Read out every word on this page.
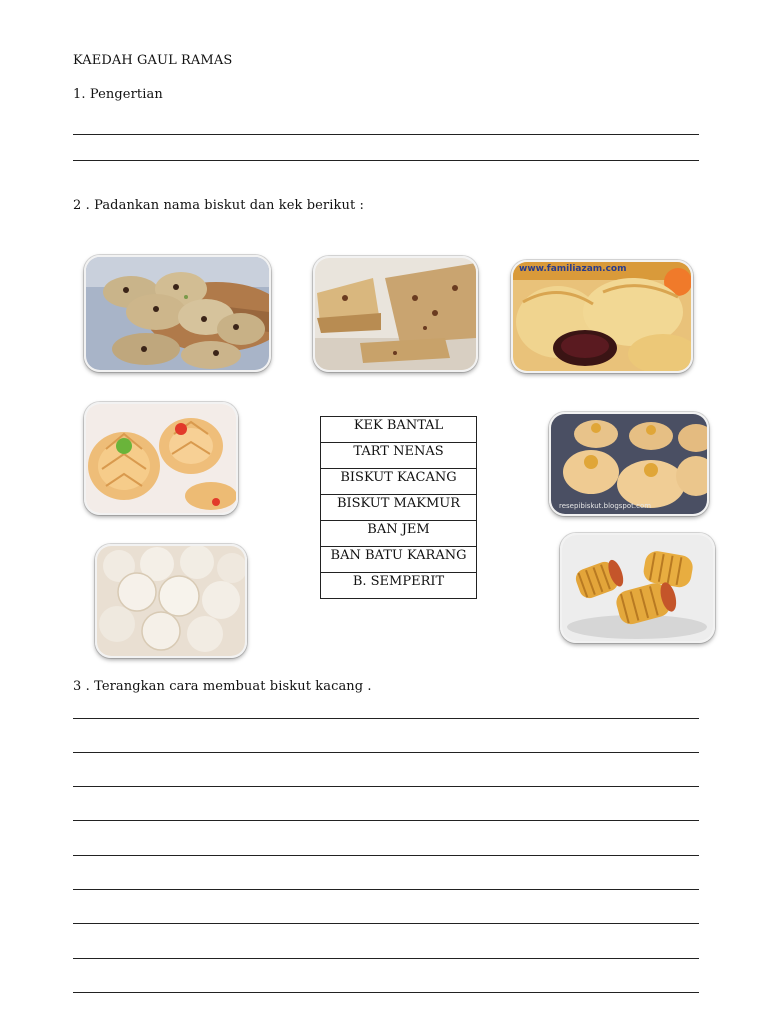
KAEDAH GAUL RAMAS
1. Pengertian
2 . Padankan nama biskut dan kek berikut :
www.familiazam.com
KEK BANTAL
TART NENAS
BISKUT KACANG
BISKUT MAKMUR
BAN JEM
BAN BATU KARANG
B. SEMPERIT
resepibiskut.blogspot.com
3 . Terangkan cara membuat biskut kacang .
